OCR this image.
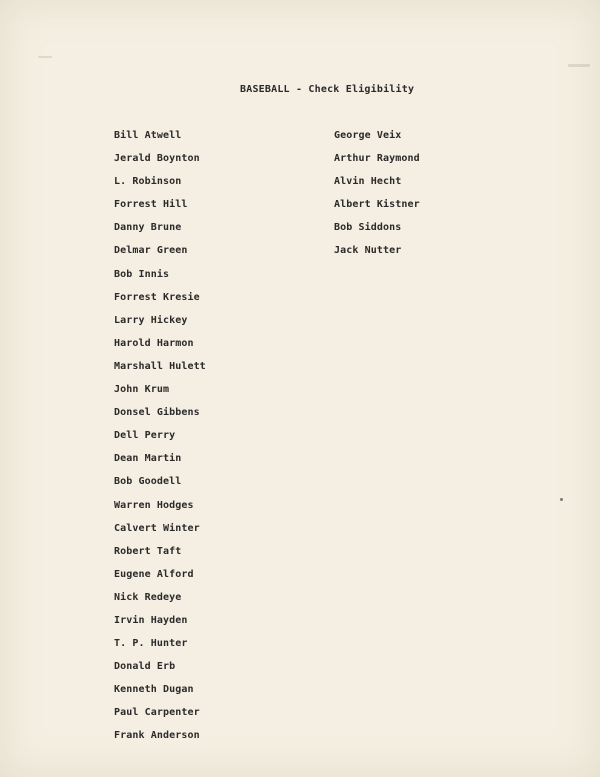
BASEBALL - Check Eligibility
Bill Atwell
Jerald Boynton
L. Robinson
Forrest Hill
Danny Brune
Delmar Green
Bob Innis
Forrest Kresie
Larry Hickey
Harold Harmon
Marshall Hulett
John Krum
Donsel Gibbens
Dell Perry
Dean Martin
Bob Goodell
Warren Hodges
Calvert Winter
Robert Taft
Eugene Alford
Nick Redeye
Irvin Hayden
T. P. Hunter
Donald Erb
Kenneth Dugan
Paul Carpenter
Frank Anderson
George Veix
Arthur Raymond
Alvin Hecht
Albert Kistner
Bob Siddons
Jack Nutter
